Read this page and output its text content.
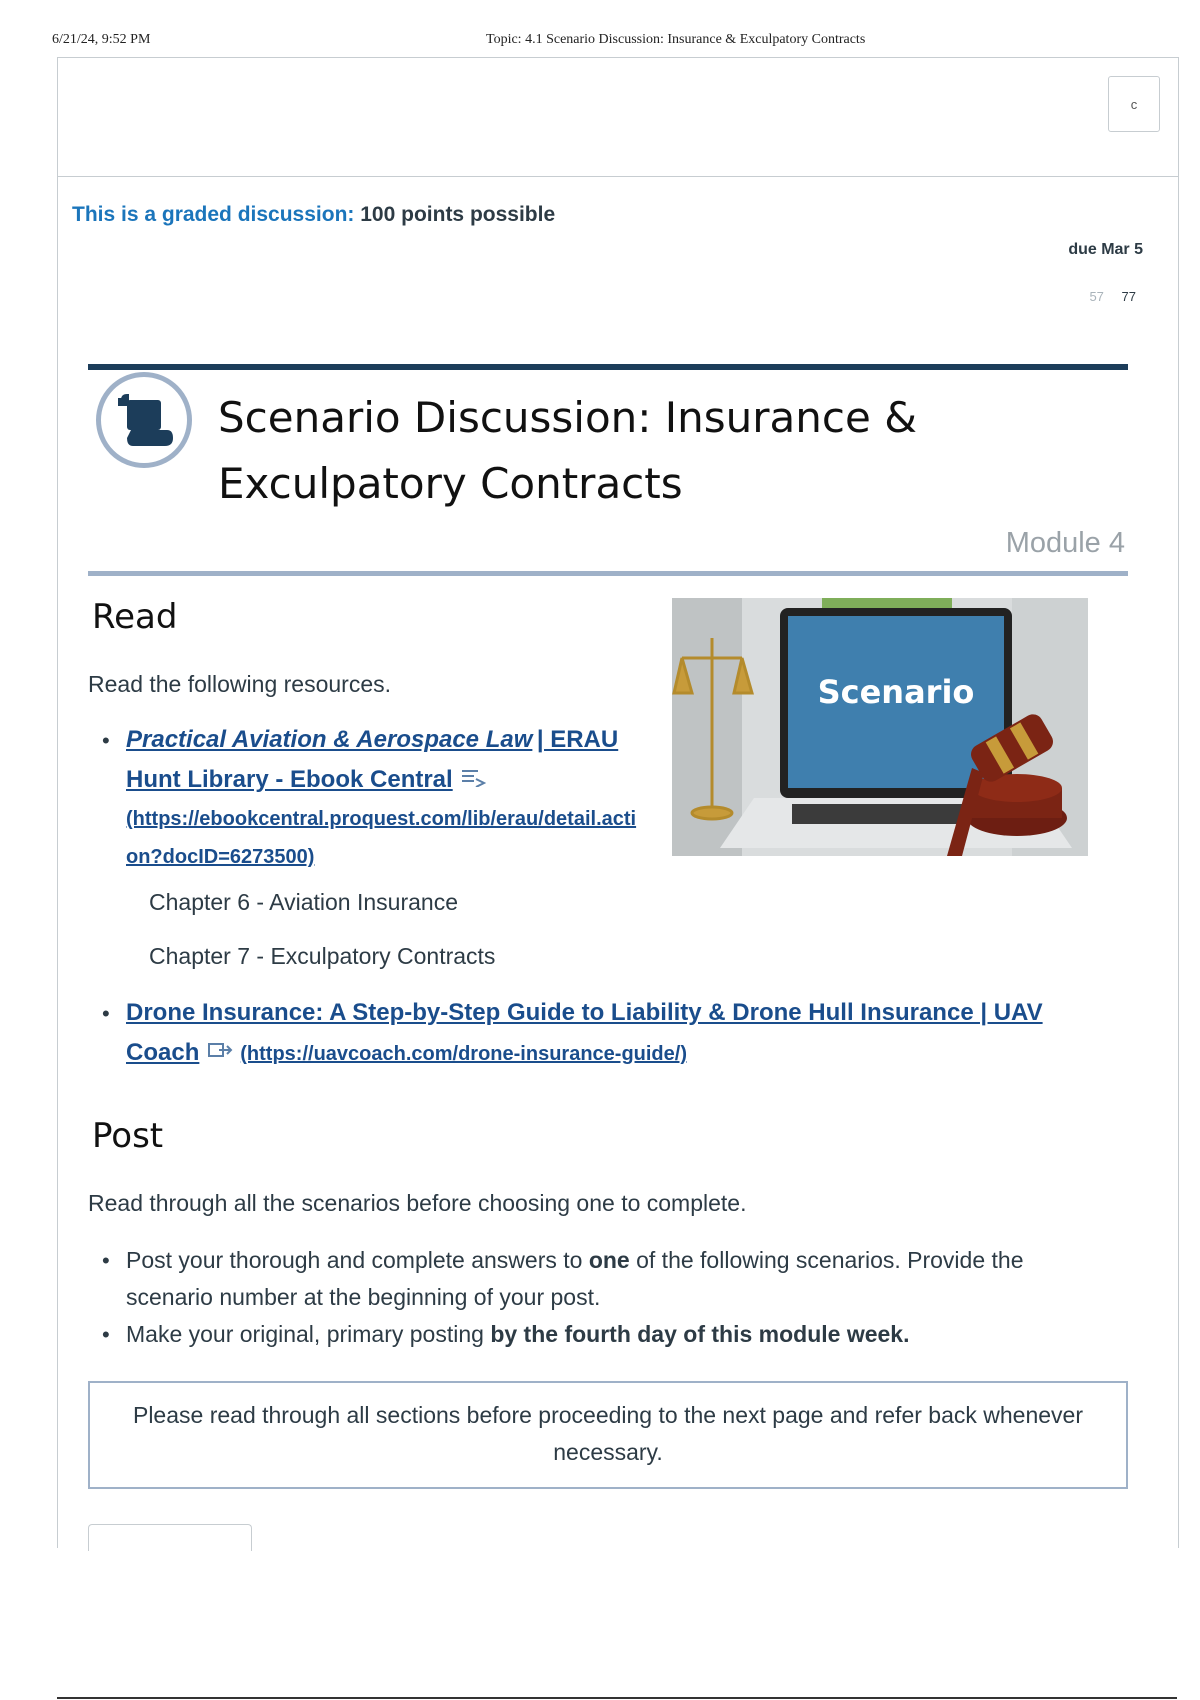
6/21/24, 9:52 PM	Topic: 4.1 Scenario Discussion: Insurance & Exculpatory Contracts
c
This is a graded discussion: 100 points possible
due Mar 5
57 77
Scenario Discussion: Insurance & Exculpatory Contracts
Module 4
Scenario
Read
Read the following resources.
• Practical Aviation & Aerospace Law | ERAU Hunt Library - Ebook Central
(https://ebookcentral.proquest.com/lib/erau/detail.action?docID=6273500)
Chapter 6 - Aviation Insurance
Chapter 7 - Exculpatory Contracts
• Drone Insurance: A Step-by-Step Guide to Liability & Drone Hull Insurance | UAV Coach (https://uavcoach.com/drone-insurance-guide/)
Post
Read through all the scenarios before choosing one to complete.
• Post your thorough and complete answers to one of the following scenarios. Provide the scenario number at the beginning of your post.
• Make your original, primary posting by the fourth day of this module week.
Please read through all sections before proceeding to the next page and refer back whenever necessary.
